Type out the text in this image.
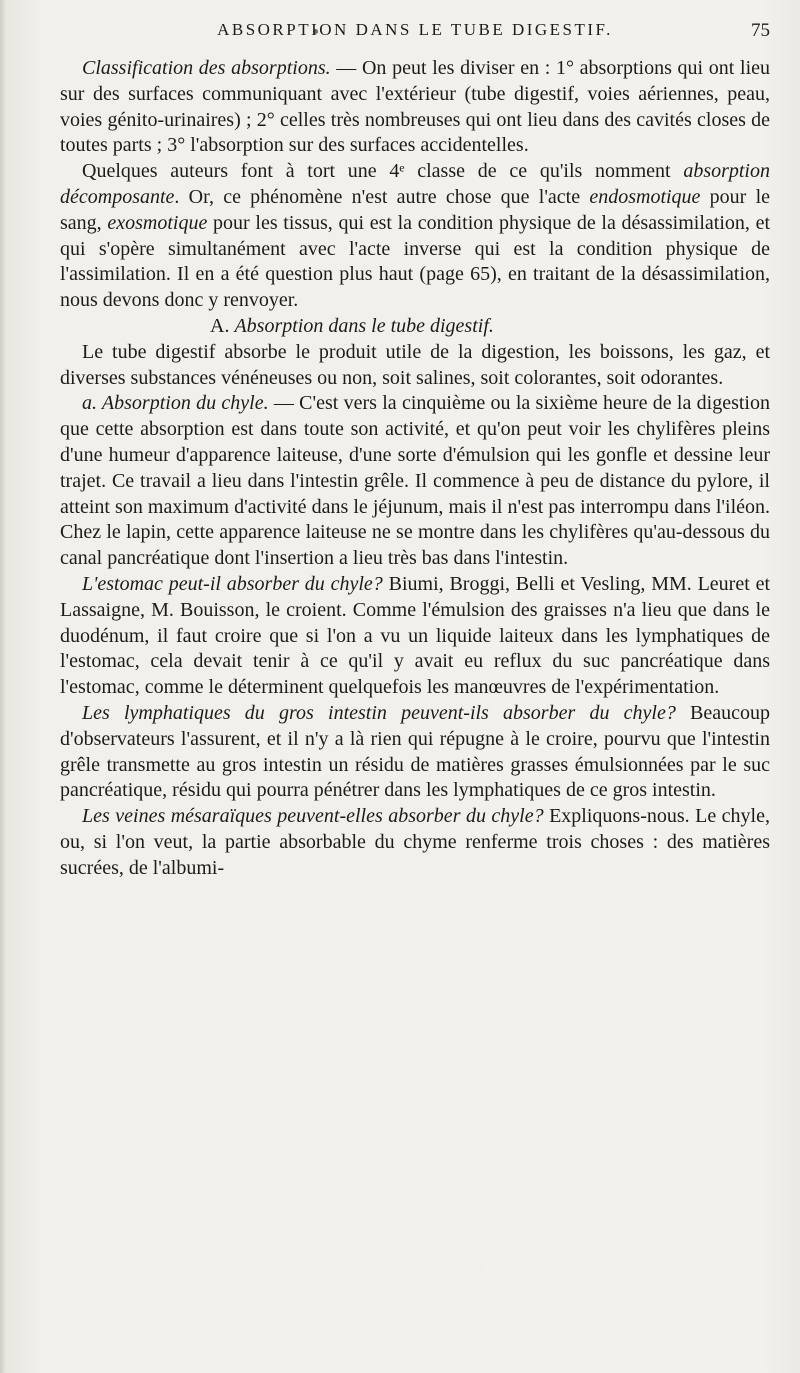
ABSORPTION DANS LE TUBE DIGESTIF.	75

Classification des absorptions. — On peut les diviser en : 1° absorptions qui ont lieu sur des surfaces communiquant avec l'extérieur (tube digestif, voies aériennes, peau, voies génito-urinaires) ; 2° celles très nombreuses qui ont lieu dans des cavités closes de toutes parts ; 3° l'absorption sur des surfaces accidentelles.

Quelques auteurs font à tort une 4ᵉ classe de ce qu'ils nomment absorption décomposante. Or, ce phénomène n'est autre chose que l'acte endosmotique pour le sang, exosmotique pour les tissus, qui est la condition physique de la désassimilation, et qui s'opère simultanément avec l'acte inverse qui est la condition physique de l'assimilation. Il en a été question plus haut (page 65), en traitant de la désassimilation, nous devons donc y renvoyer.

A. Absorption dans le tube digestif.

Le tube digestif absorbe le produit utile de la digestion, les boissons, les gaz, et diverses substances vénéneuses ou non, soit salines, soit colorantes, soit odorantes.

a. Absorption du chyle. — C'est vers la cinquième ou la sixième heure de la digestion que cette absorption est dans toute son activité, et qu'on peut voir les chylifères pleins d'une humeur d'apparence laiteuse, d'une sorte d'émulsion qui les gonfle et dessine leur trajet. Ce travail a lieu dans l'intestin grêle. Il commence à peu de distance du pylore, il atteint son maximum d'activité dans le jéjunum, mais il n'est pas interrompu dans l'iléon. Chez le lapin, cette apparence laiteuse ne se montre dans les chylifères qu'au-dessous du canal pancréatique dont l'insertion a lieu très bas dans l'intestin.

L'estomac peut-il absorber du chyle? Biumi, Broggi, Belli et Vesling, MM. Leuret et Lassaigne, M. Bouisson, le croient. Comme l'émulsion des graisses n'a lieu que dans le duodénum, il faut croire que si l'on a vu un liquide laiteux dans les lymphatiques de l'estomac, cela devait tenir à ce qu'il y avait eu reflux du suc pancréatique dans l'estomac, comme le déterminent quelquefois les manœuvres de l'expérimentation.

Les lymphatiques du gros intestin peuvent-ils absorber du chyle? Beaucoup d'observateurs l'assurent, et il n'y a là rien qui répugne à le croire, pourvu que l'intestin grêle transmette au gros intestin un résidu de matières grasses émulsionnées par le suc pancréatique, résidu qui pourra pénétrer dans les lymphatiques de ce gros intestin.

Les veines mésaraïques peuvent-elles absorber du chyle? Expliquons-nous. Le chyle, ou, si l'on veut, la partie absorbable du chyme renferme trois choses : des matières sucrées, de l'albumi-
